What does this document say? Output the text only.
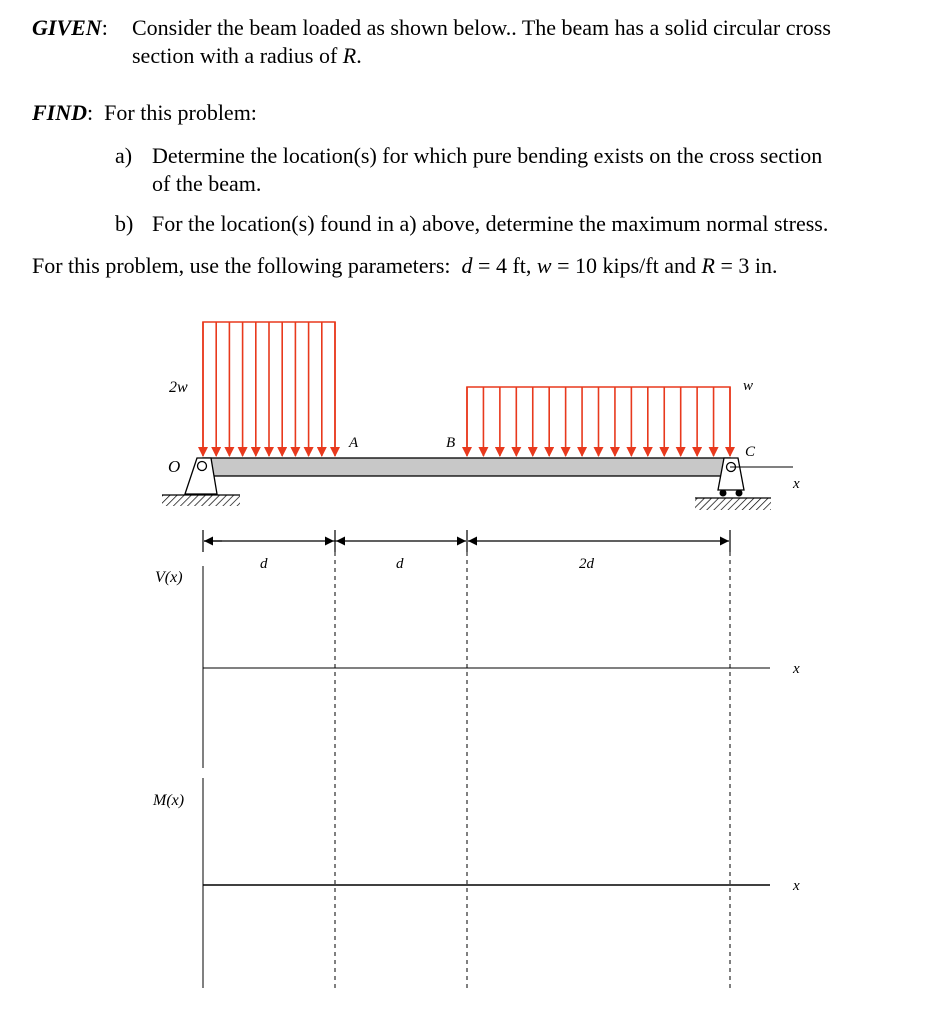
GIVEN: Consider the beam loaded as shown below.. The beam has a solid circular cross
section with a radius of R.
FIND:  For this problem:
a) Determine the location(s) for which pure bending exists on the cross section
of the beam.
b) For the location(s) found in a) above, determine the maximum normal stress.
For this problem, use the following parameters: d = 4 ft, w = 10 kips/ft and R = 3 in.
2w	w
O
A	B
C
x
d	d	2d
V(x)
x
M(x)
x
